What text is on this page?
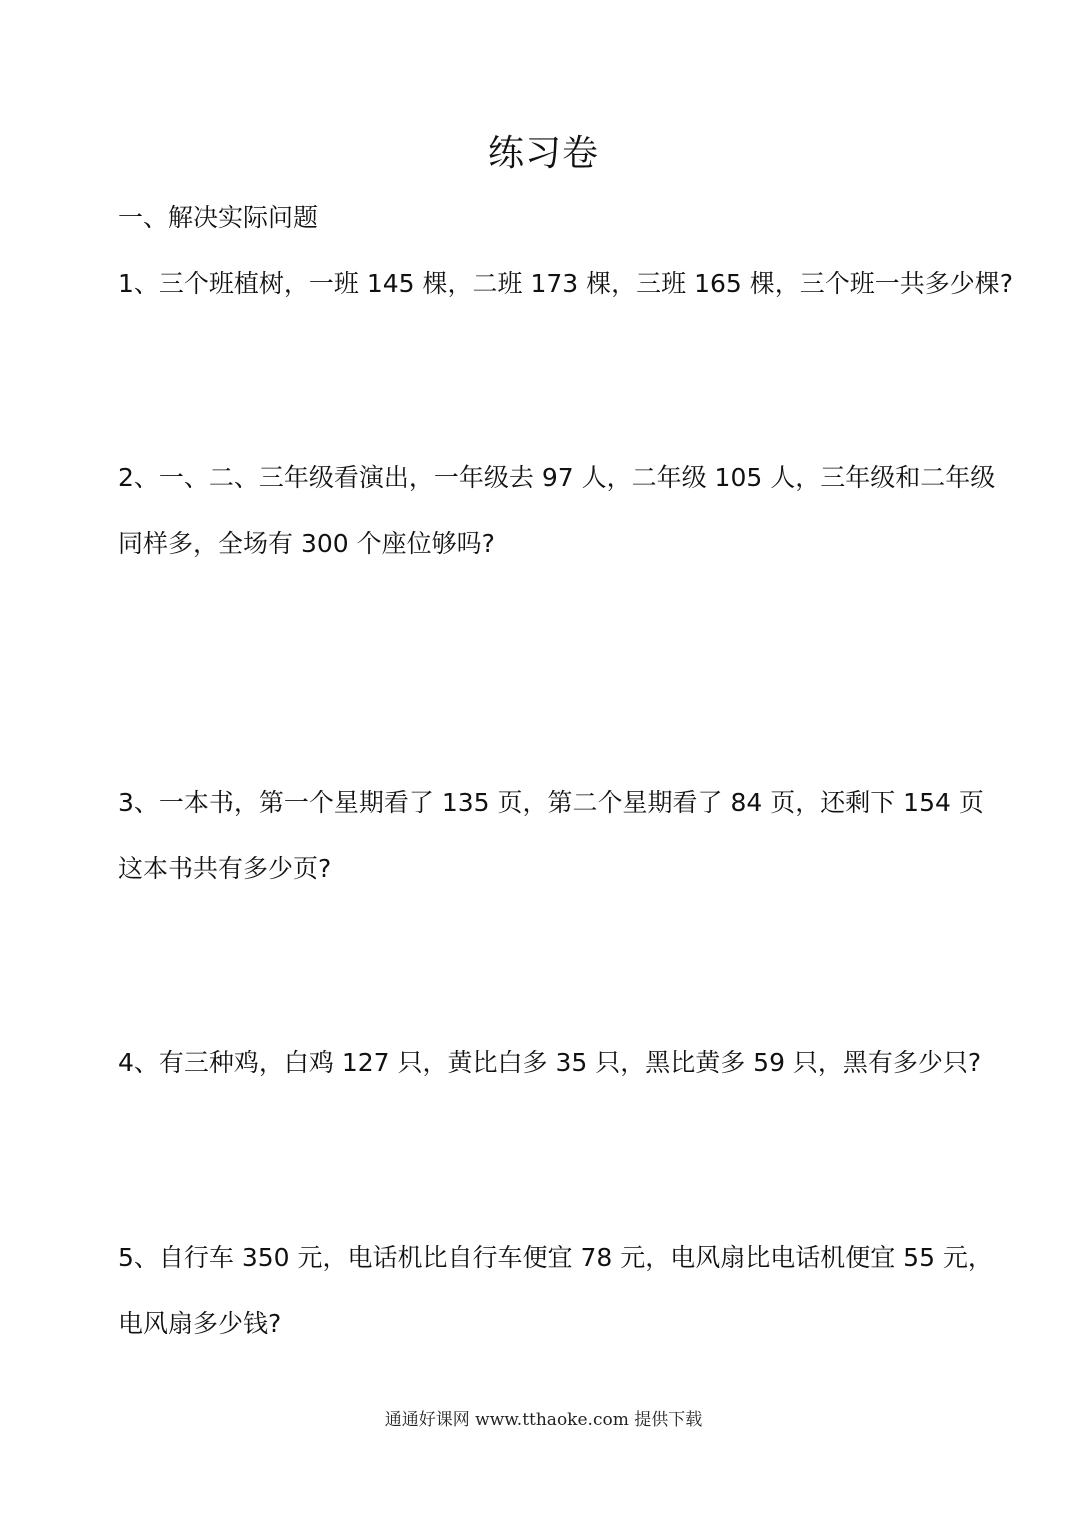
练习卷
一、解决实际问题
1、三个班植树，一班 145 棵，二班 173 棵，三班 165 棵，三个班一共多少棵?
2、一、二、三年级看演出，一年级去 97 人，二年级 105 人，三年级和二年级
同样多，全场有 300 个座位够吗?
3、一本书，第一个星期看了 135 页，第二个星期看了 84 页，还剩下 154 页
这本书共有多少页?
4、有三种鸡，白鸡 127 只，黄比白多 35 只，黑比黄多 59 只，黑有多少只?
5、自行车 350 元，电话机比自行车便宜 78 元，电风扇比电话机便宜 55 元，
电风扇多少钱?
通通好课网 www.tthaoke.com 提供下载
